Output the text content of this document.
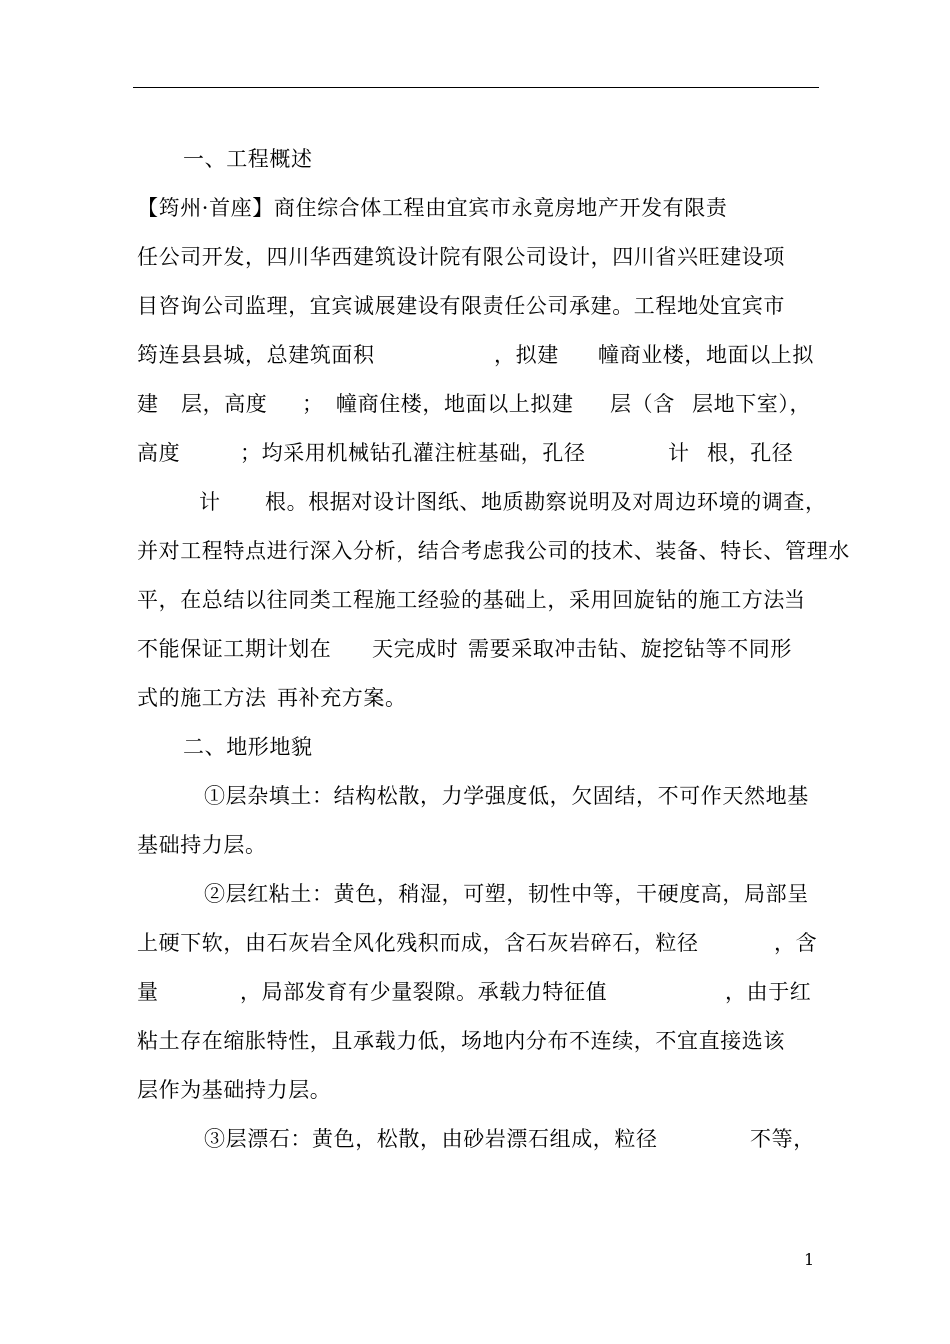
一、工程概述
【筠州·首座】商住综合体工程由宜宾市永竟房地产开发有限责
任公司开发，四川华西建筑设计院有限公司设计，四川省兴旺建设项
目咨询公司监理，宜宾诚展建设有限责任公司承建。工程地处宜宾市
筠连县县城，总建筑面积	，拟建 幢商业楼，地面以上拟
建 层，高度 ； 幢商住楼，地面以上拟建 层（含 层地下室），
高度	；均采用机械钻孔灌注桩基础，孔径	计 根，孔径
计 根。根据对设计图纸、地质勘察说明及对周边环境的调查，
并对工程特点进行深入分析，结合考虑我公司的技术、装备、特长、管理水
平，在总结以往同类工程施工经验的基础上，采用回旋钻的施工方法 当
不能保证工期计划在 天完成时 需要采取冲击钻、旋挖钻等不同形
式的施工方法 再补充方案。
二、地形地貌
①层杂填土：结构松散，力学强度低，欠固结，不可作天然地基
基础持力层。
②层红粘土：黄色，稍湿，可塑，韧性中等，干硬度高，局部呈
上硬下软，由石灰岩全风化残积而成，含石灰岩碎石，粒径	，含
量	，局部发育有少量裂隙。承载力特征值	，由于红
粘土存在缩胀特性，且承载力低，场地内分布不连续，不宜直接选该
层作为基础持力层。
③层漂石：黄色，松散，由砂岩漂石组成，粒径	不等，
1
